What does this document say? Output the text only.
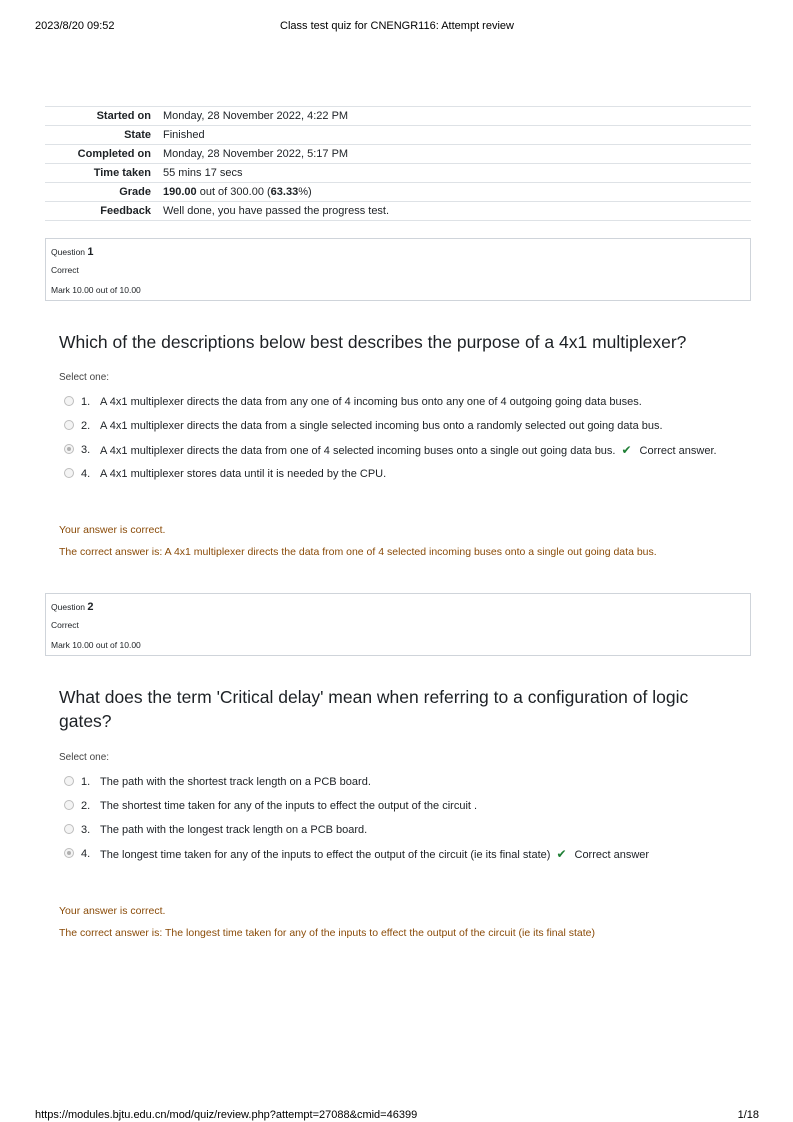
2023/8/20 09:52	Class test quiz for CNENGR116: Attempt review
Started on	Monday, 28 November 2022, 4:22 PM
State	Finished
Completed on	Monday, 28 November 2022, 5:17 PM
Time taken	55 mins 17 secs
Grade	190.00 out of 300.00 (63.33%)
Feedback	Well done, you have passed the progress test.
Question 1
Correct
Mark 10.00 out of 10.00
Which of the descriptions below best describes the purpose of a 4x1 multiplexer?
Select one:
1. A 4x1 multiplexer directs the data from any one of 4 incoming bus onto any one of 4 outgoing going data buses.
2. A 4x1 multiplexer directs the data from a single selected incoming bus onto a randomly selected out going data bus.
3. A 4x1 multiplexer directs the data from one of 4 selected incoming buses onto a single out going data bus. ✔ Correct answer.
4. A 4x1 multiplexer stores data until it is needed by the CPU.
Your answer is correct.
The correct answer is: A 4x1 multiplexer directs the data from one of 4 selected incoming buses onto a single out going data bus.
Question 2
Correct
Mark 10.00 out of 10.00
What does the term 'Critical delay' mean when referring to a configuration of logic gates?
Select one:
1. The path with the shortest track length on a PCB board.
2. The shortest time taken for any of the inputs to effect the output of the circuit .
3. The path with the longest track length on a PCB board.
4. The longest time taken for any of the inputs to effect the output of the circuit (ie its final state) ✔ Correct answer
Your answer is correct.
The correct answer is: The longest time taken for any of the inputs to effect the output of the circuit (ie its final state)
https://modules.bjtu.edu.cn/mod/quiz/review.php?attempt=27088&cmid=46399	1/18
